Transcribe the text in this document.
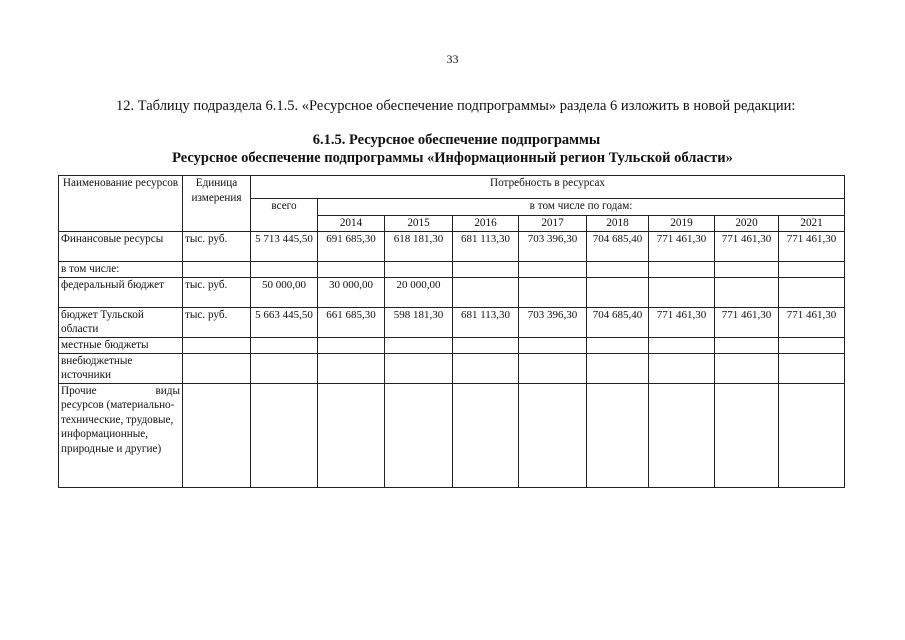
33
12. Таблицу подраздела 6.1.5. «Ресурсное обеспечение подпрограммы» раздела 6 изложить в новой редакции:
6.1.5. Ресурсное обеспечение подпрограммы
Ресурсное обеспечение подпрограммы «Информационный регион Тульской области»
Наименование ресурсов	Единица измерения	Потребность в ресурсах								
		всего	в том числе по годам:							
			2014	2015	2016	2017	2018	2019	2020	2021
Финансовые ресурсы	тыс. руб.	5 713 445,50	691 685,30	618 181,30	681 113,30	703 396,30	704 685,40	771 461,30	771 461,30	771 461,30
в том числе:										
федеральный бюджет	тыс. руб.	50 000,00	30 000,00	20 000,00						
бюджет Тульской области	тыс. руб.	5 663 445,50	661 685,30	598 181,30	681 113,30	703 396,30	704 685,40	771 461,30	771 461,30	771 461,30
местные бюджеты										
внебюджетные источники										

Прочие виды
ресурсов (материально-технические, трудовые, информационные, природные и другие)										
